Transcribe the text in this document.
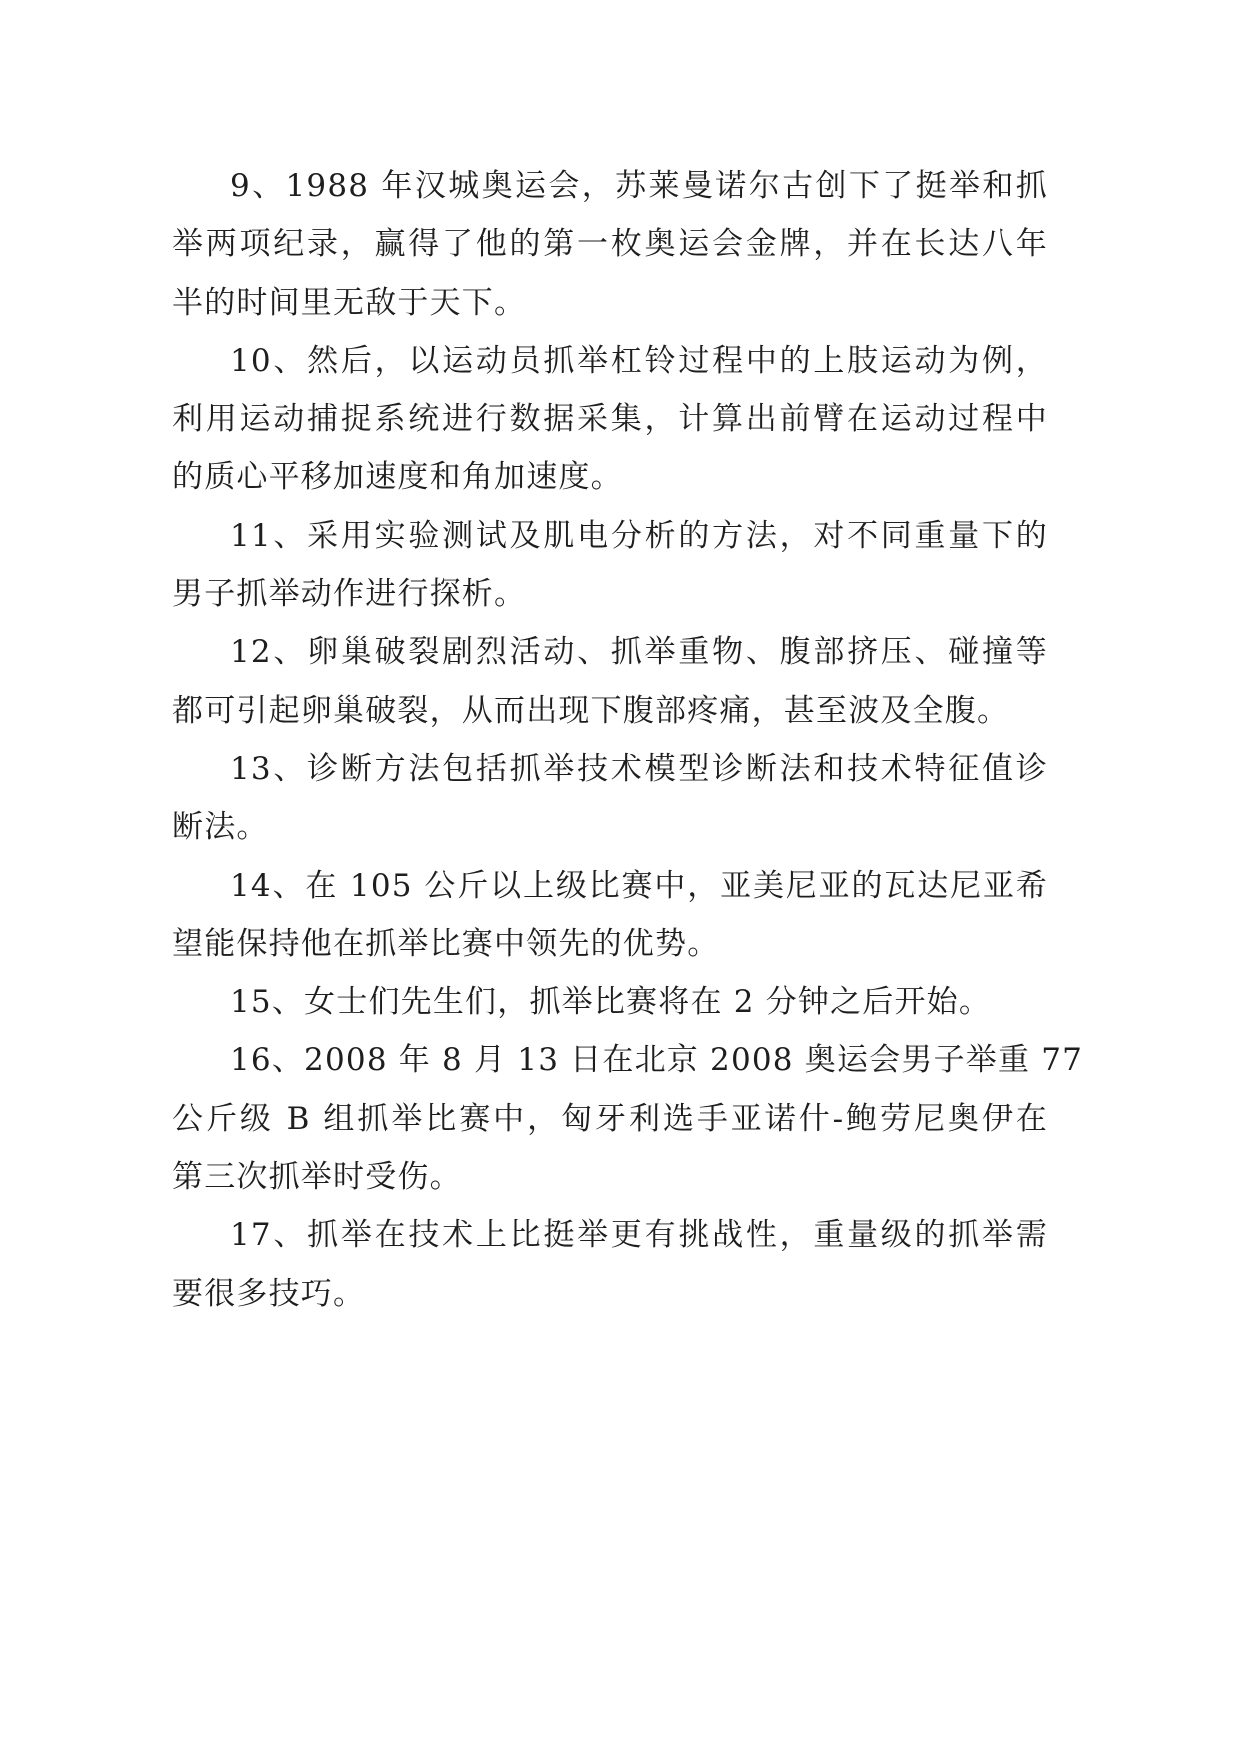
9、1988 年汉城奥运会，苏莱曼诺尔古创下了挺举和抓
举两项纪录，赢得了他的第一枚奥运会金牌，并在长达八年
半的时间里无敌于天下。
10、然后，以运动员抓举杠铃过程中的上肢运动为例，
利用运动捕捉系统进行数据采集，计算出前臂在运动过程中
的质心平移加速度和角加速度。
11、采用实验测试及肌电分析的方法，对不同重量下的
男子抓举动作进行探析。
12、卵巢破裂剧烈活动、抓举重物、腹部挤压、碰撞等
都可引起卵巢破裂，从而出现下腹部疼痛，甚至波及全腹。
13、诊断方法包括抓举技术模型诊断法和技术特征值诊
断法。
14、在 105 公斤以上级比赛中，亚美尼亚的瓦达尼亚希
望能保持他在抓举比赛中领先的优势。
15、女士们先生们，抓举比赛将在 2 分钟之后开始。
16、2008 年 8 月 13 日在北京 2008 奥运会男子举重 77
公斤级 B 组抓举比赛中，匈牙利选手亚诺什-鲍劳尼奥伊在
第三次抓举时受伤。
17、抓举在技术上比挺举更有挑战性，重量级的抓举需
要很多技巧。
